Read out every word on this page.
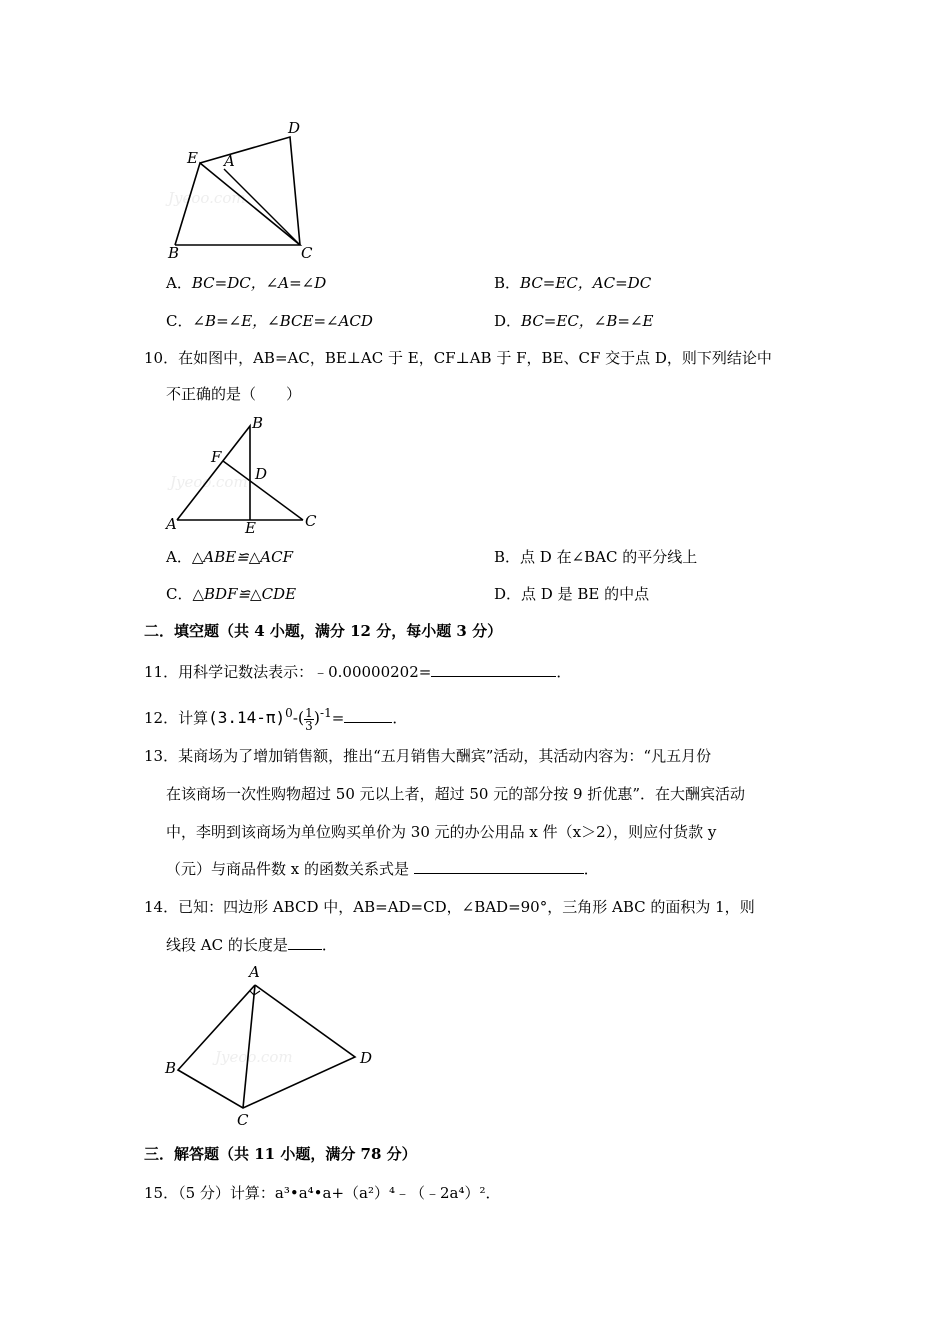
Jyeoo.com
D
E A
B	C
A．BC=DC，∠A=∠D	B．BC=EC，AC=DC
C．∠B=∠E，∠BCE=∠ACD	D．BC=EC，∠B=∠E
10．在如图中，AB=AC，BE⊥AC 于 E，CF⊥AB 于 F，BE、CF 交于点 D，则下列结论中
不正确的是（　　）
Jyeoo.com
B
F
D
A	E	C
A．△ABE≌△ACF	B．点 D 在∠BAC 的平分线上
C．△BDF≌△CDE	D．点 D 是 BE 的中点
二．填空题（共 4 小题，满分 12 分，每小题 3 分）
11．用科学记数法表示：﹣0.00000202=	．
12．计算$(3.14-\pi)^0-( \frac{1}{3} )^{-1}=$	．
13．某商场为了增加销售额，推出“五月销售大酬宾”活动，其活动内容为：“凡五月份
在该商场一次性购物超过 50 元以上者，超过 50 元的部分按 9 折优惠”．在大酬宾活动
中，李明到该商场为单位购买单价为 30 元的办公用品 x 件（x＞2），则应付货款 y
（元）与商品件数 x 的函数关系式是	．
14．已知：四边形 ABCD 中，AB=AD=CD，∠BAD=90°，三角形 ABC 的面积为 1，则
线段 AC 的长度是 ．
Jyeoo.com
A
B
C
D
三．解答题（共 11 小题，满分 78 分）
15．（5 分）计算：a³•a⁴•a+（a²）⁴﹣（﹣2a⁴）²．
